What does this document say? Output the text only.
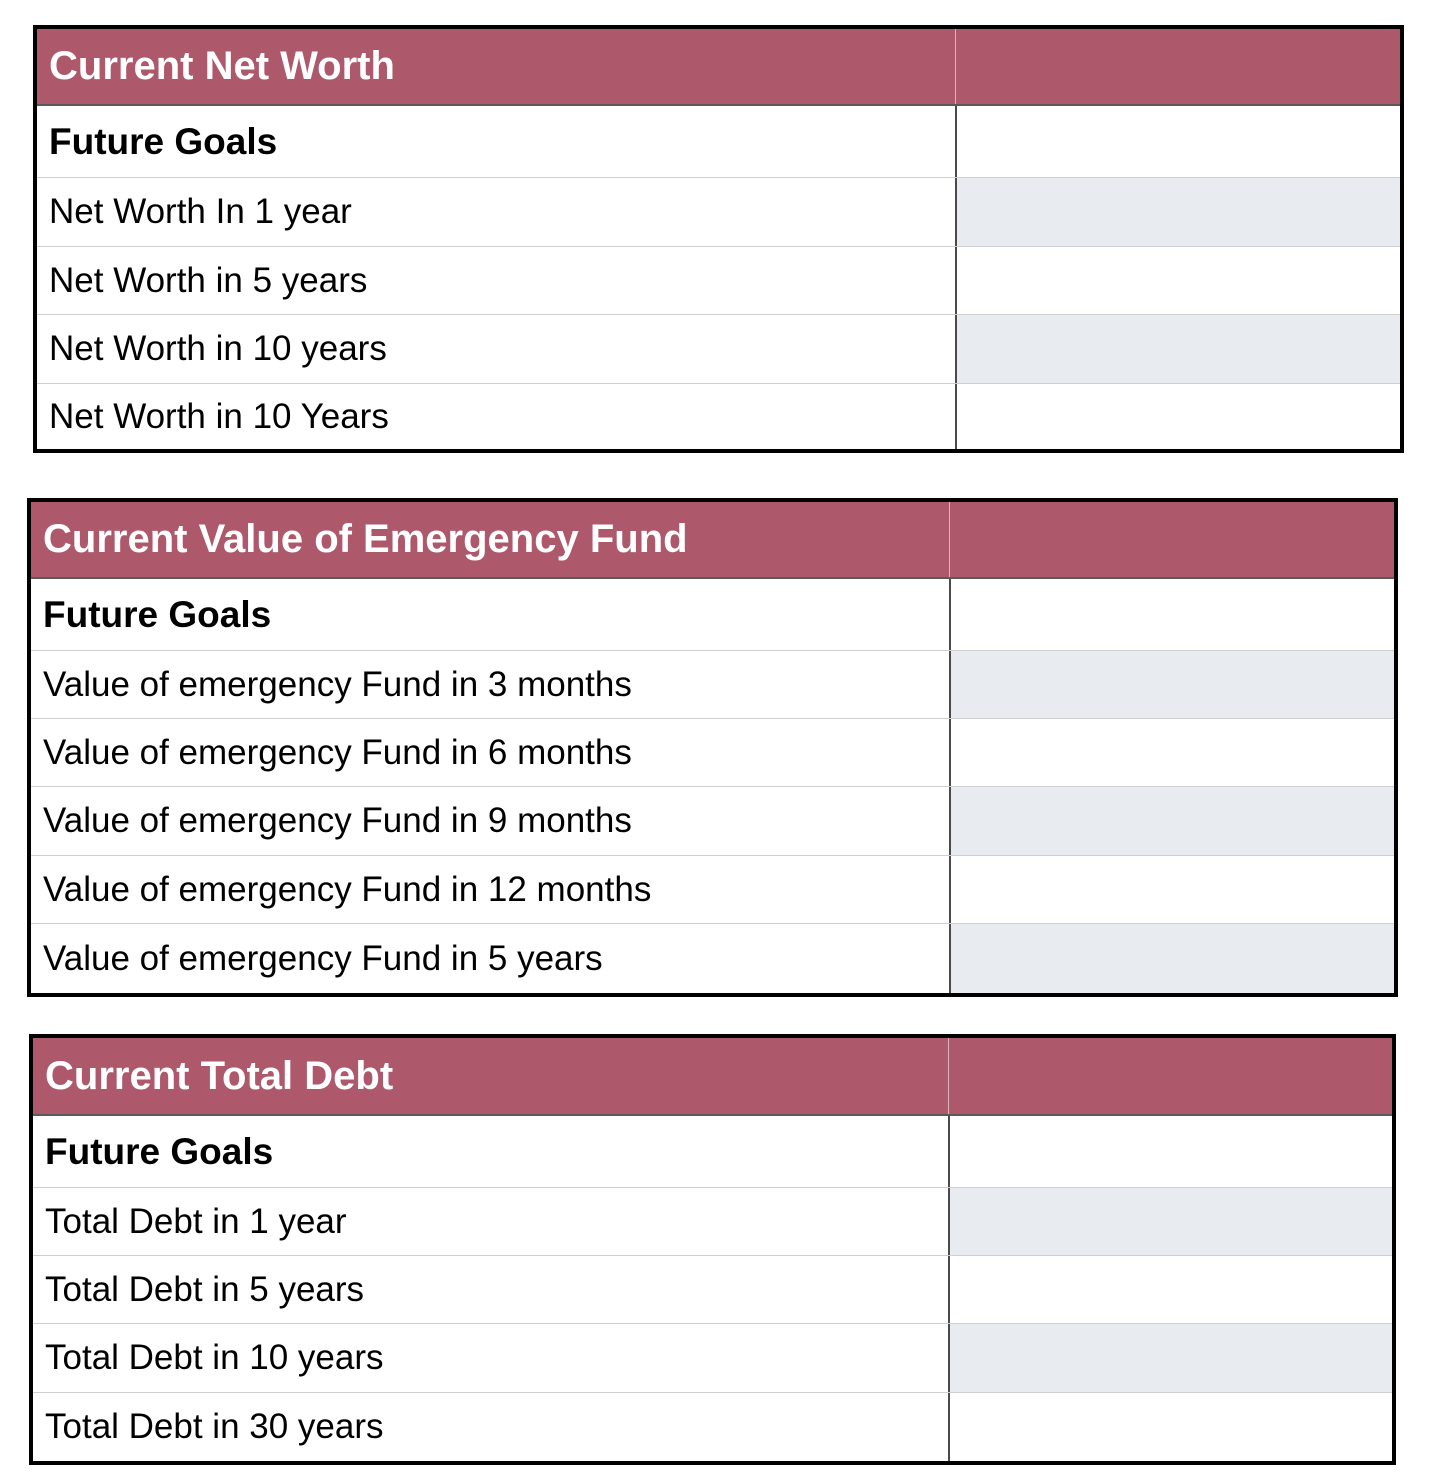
Current Net Worth
Future Goals
Net Worth In 1 year
Net Worth in 5 years
Net Worth in 10 years
Net Worth in 10 Years
Current Value of Emergency Fund
Future Goals
Value of emergency Fund in 3 months
Value of emergency Fund in 6 months
Value of emergency Fund in 9 months
Value of emergency Fund in 12 months
Value of emergency Fund in 5 years
Current Total Debt
Future Goals
Total Debt in 1 year
Total Debt in 5 years
Total Debt in 10 years
Total Debt in 30 years
